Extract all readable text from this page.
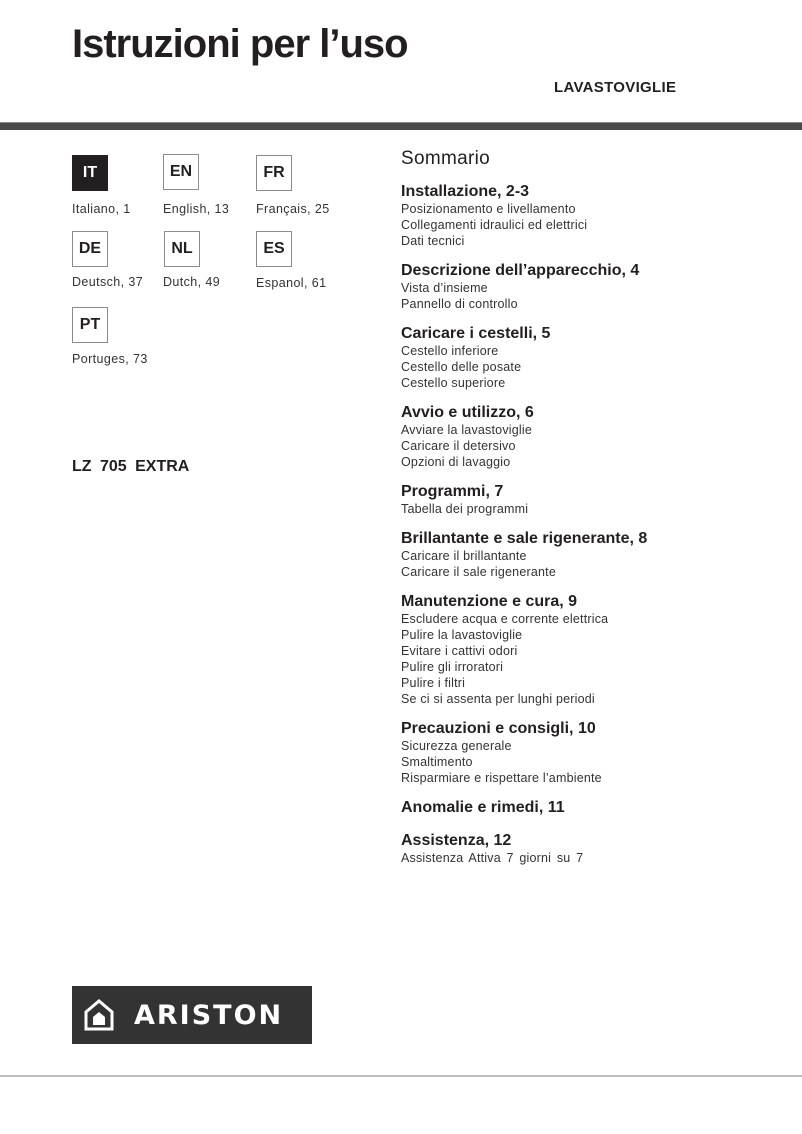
Istruzioni per l’uso
LAVASTOVIGLIE
IT
Italiano, 1
EN
English, 13
FR
Français, 25
DE
Deutsch, 37
NL
Dutch, 49
ES
Espanol, 61
PT
Portuges, 73
LZ 705 EXTRA
Sommario
Installazione, 2-3
Posizionamento e livellamento
Collegamenti idraulici ed elettrici
Dati tecnici
Descrizione dell’apparecchio, 4
Vista d’insieme
Pannello di controllo
Caricare i cestelli, 5
Cestello inferiore
Cestello delle posate
Cestello superiore
Avvio e utilizzo, 6
Avviare la lavastoviglie
Caricare il detersivo
Opzioni di lavaggio
Programmi, 7
Tabella dei programmi
Brillantante e sale rigenerante, 8
Caricare il brillantante
Caricare il sale rigenerante
Manutenzione e cura, 9
Escludere acqua e corrente elettrica
Pulire la lavastoviglie
Evitare i cattivi odori
Pulire gli irroratori
Pulire i filtri
Se ci si assenta per lunghi periodi
Precauzioni e consigli, 10
Sicurezza generale
Smaltimento
Risparmiare e rispettare l’ambiente
Anomalie e rimedi, 11
Assistenza, 12
Assistenza Attiva 7 giorni su 7
ARISTON
